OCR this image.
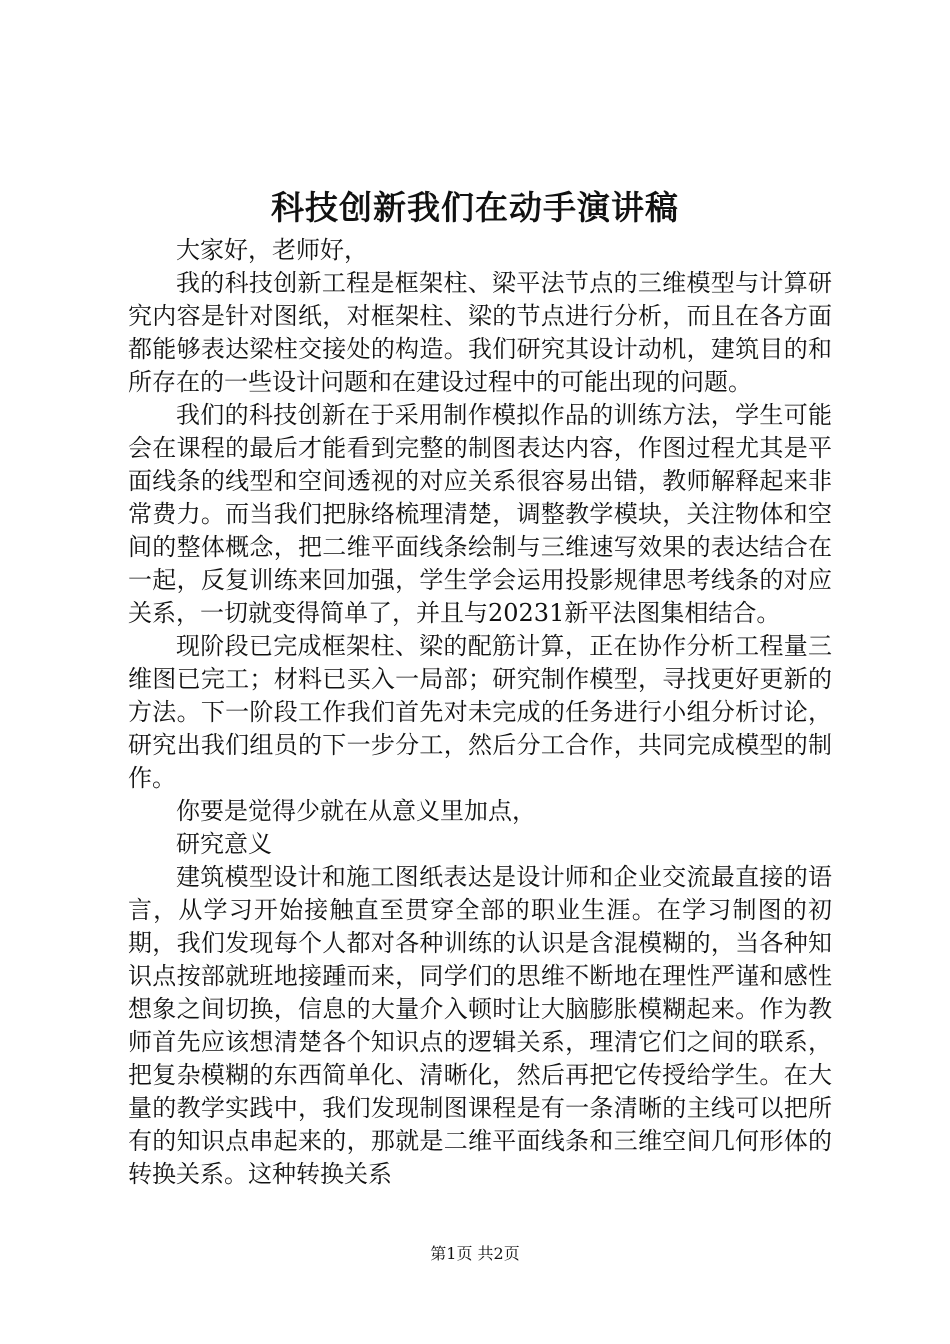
科技创新我们在动手演讲稿

大家好，老师好，

我的科技创新工程是框架柱、梁平法节点的三维模型与计算研究内容是针对图纸，对框架柱、梁的节点进行分析，而且在各方面都能够表达梁柱交接处的构造。我们研究其设计动机，建筑目的和所存在的一些设计问题和在建设过程中的可能出现的问题。

我们的科技创新在于采用制作模拟作品的训练方法，学生可能会在课程的最后才能看到完整的制图表达内容，作图过程尤其是平面线条的线型和空间透视的对应关系很容易出错，教师解释起来非常费力。而当我们把脉络梳理清楚，调整教学模块，关注物体和空间的整体概念，把二维平面线条绘制与三维速写效果的表达结合在一起，反复训练来回加强，学生学会运用投影规律思考线条的对应关系，一切就变得简单了，并且与20231新平法图集相结合。

现阶段已完成框架柱、梁的配筋计算，正在协作分析工程量三维图已完工；材料已买入一局部；研究制作模型，寻找更好更新的方法。下一阶段工作我们首先对未完成的任务进行小组分析讨论，研究出我们组员的下一步分工，然后分工合作，共同完成模型的制作。

你要是觉得少就在从意义里加点，

研究意义

建筑模型设计和施工图纸表达是设计师和企业交流最直接的语言，从学习开始接触直至贯穿全部的职业生涯。在学习制图的初期，我们发现每个人都对各种训练的认识是含混模糊的，当各种知识点按部就班地接踵而来，同学们的思维不断地在理性严谨和感性想象之间切换，信息的大量介入顿时让大脑膨胀模糊起来。作为教师首先应该想清楚各个知识点的逻辑关系，理清它们之间的联系，把复杂模糊的东西简单化、清晰化，然后再把它传授给学生。在大量的教学实践中，我们发现制图课程是有一条清晰的主线可以把所有的知识点串起来的，那就是二维平面线条和三维空间几何形体的转换关系。这种转换关系

第1页 共2页
